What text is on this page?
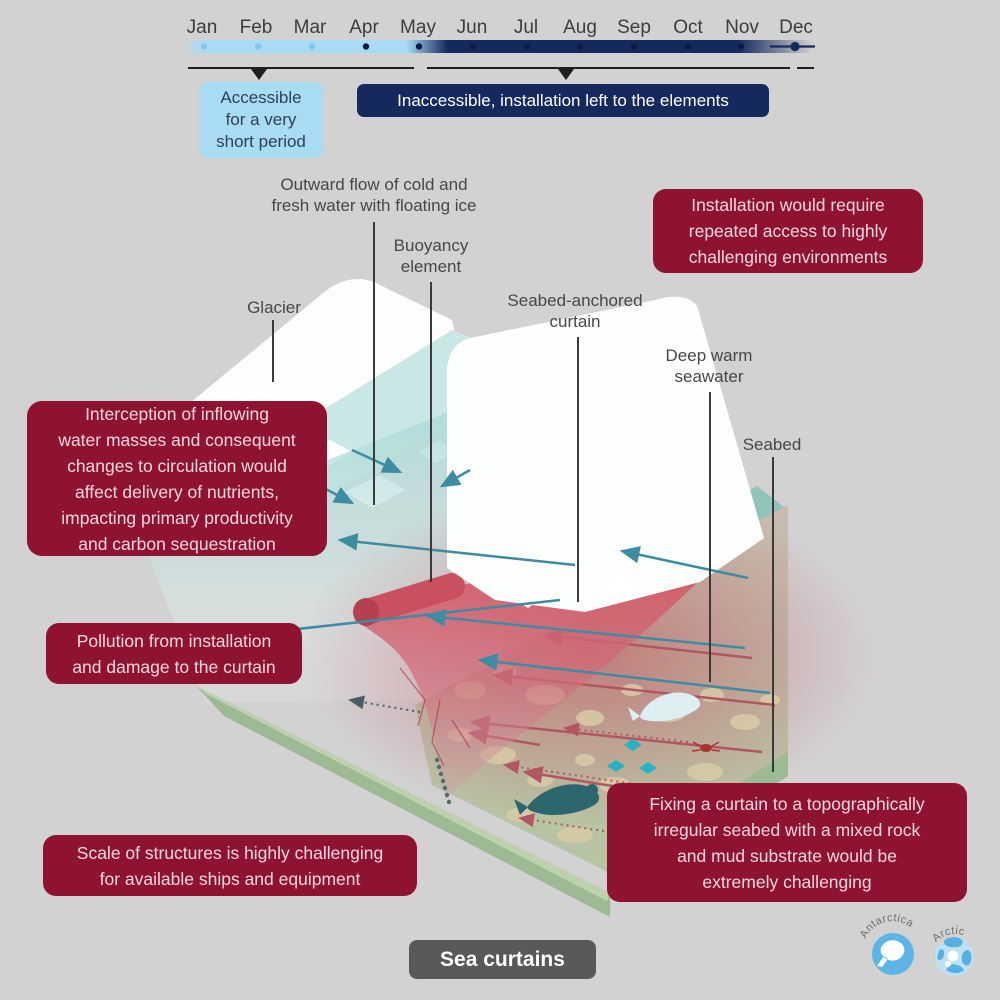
Antarctica
Arctic
Jan	Feb	Mar	Apr	May	Jun	Jul	Aug	Sep	Oct	Nov	Dec
Accessible
for a very
short period
Inaccessible, installation left to the elements
Outward flow of cold and
fresh water with floating ice
Buoyancy
element
Glacier	Seabed-anchored
curtain
Deep warm
seawater
Seabed
Installation would require
repeated access to highly
challenging environments
Interception of inflowing
water masses and consequent
changes to circulation would
affect delivery of nutrients,
impacting primary productivity
and carbon sequestration
Pollution from installation
and damage to the curtain
Scale of structures is highly challenging
for available ships and equipment
Fixing a curtain to a topographically
irregular seabed with a mixed rock
and mud substrate would be
extremely challenging
Sea curtains
